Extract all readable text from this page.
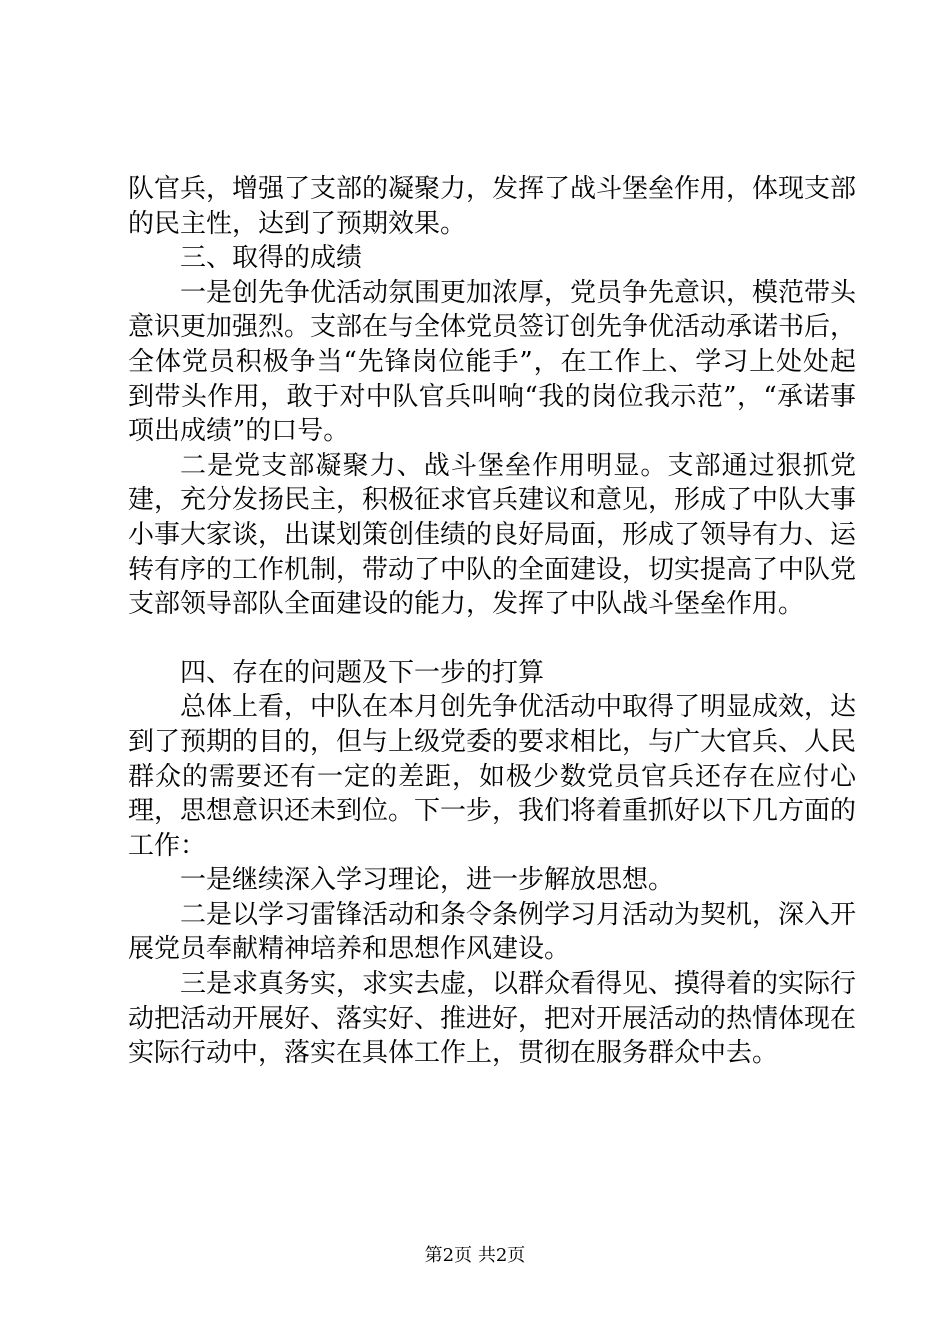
队官兵，增强了支部的凝聚力，发挥了战斗堡垒作用，体现支部的民主性，达到了预期效果。

三、取得的成绩

一是创先争优活动氛围更加浓厚，党员争先意识，模范带头意识更加强烈。支部在与全体党员签订创先争优活动承诺书后，全体党员积极争当“先锋岗位能手”，在工作上、学习上处处起到带头作用，敢于对中队官兵叫响“我的岗位我示范”，“承诺事项出成绩”的口号。

二是党支部凝聚力、战斗堡垒作用明显。支部通过狠抓党建，充分发扬民主，积极征求官兵建议和意见，形成了中队大事小事大家谈，出谋划策创佳绩的良好局面，形成了领导有力、运转有序的工作机制，带动了中队的全面建设，切实提高了中队党支部领导部队全面建设的能力，发挥了中队战斗堡垒作用。

四、存在的问题及下一步的打算

总体上看，中队在本月创先争优活动中取得了明显成效，达到了预期的目的，但与上级党委的要求相比，与广大官兵、人民群众的需要还有一定的差距，如极少数党员官兵还存在应付心理，思想意识还未到位。下一步，我们将着重抓好以下几方面的工作：

一是继续深入学习理论，进一步解放思想。

二是以学习雷锋活动和条令条例学习月活动为契机，深入开展党员奉献精神培养和思想作风建设。

三是求真务实，求实去虚，以群众看得见、摸得着的实际行动把活动开展好、落实好、推进好，把对开展活动的热情体现在实际行动中，落实在具体工作上，贯彻在服务群众中去。

第2页 共2页
